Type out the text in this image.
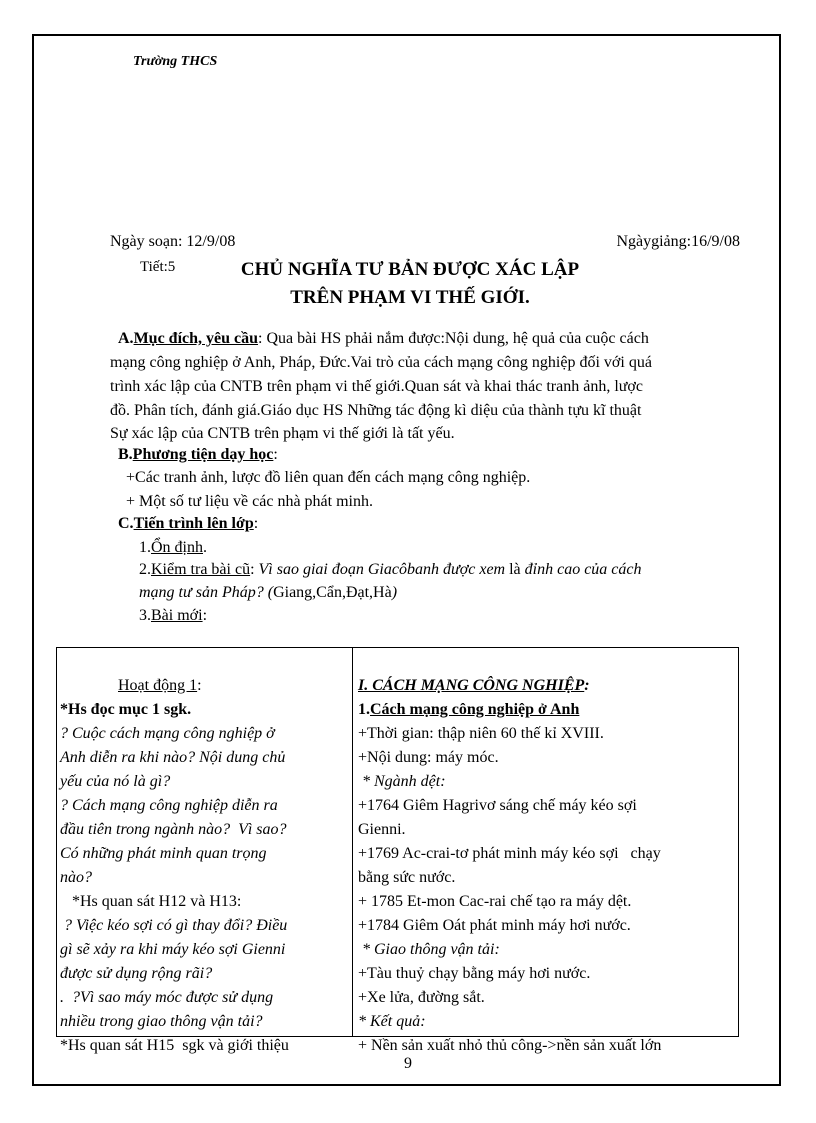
Trường THCS
Ngày soạn: 12/9/08	Ngàygiảng:16/9/08
Tiết:5	CHỦ NGHĨA TƯ BẢN ĐƯỢC XÁC LẬP
TRÊN PHẠM VI THẾ GIỚI.
A.Mục đích, yêu cầu: Qua bài HS phải nắm được:Nội dung, hệ quả của cuộc cách
mạng công nghiệp ở Anh, Pháp, Đức.Vai trò của cách mạng công nghiệp đối với quá
trình xác lập của CNTB trên phạm vi thế giới.Quan sát và khai thác tranh ảnh, lược
đồ. Phân tích, đánh giá.Giáo dục HS Những tác động kì diệu của thành tựu kĩ thuật
Sự xác lập của CNTB trên phạm vi thế giới là tất yếu.
B.Phương tiện dạy học:
+Các tranh ảnh, lược đồ liên quan đến cách mạng công nghiệp.
+ Một số tư liệu về các nhà phát minh.
C.Tiến trình lên lớp:
1.Ổn định.
2.Kiểm tra bài cũ: Vì sao giai đoạn Giacôbanh được xem là đỉnh cao của cách
mạng tư sản Pháp? (Giang,Cẩn,Đạt,Hà)
3.Bài mới:
Hoạt động 1:
*Hs đọc mục 1 sgk.
? Cuộc cách mạng công nghiệp ở
Anh diễn ra khi nào? Nội dung chủ
yếu của nó là gì?
? Cách mạng công nghiệp diễn ra
đầu tiên trong ngành nào?  Vì sao?
Có những phát minh quan trọng
nào?
*Hs quan sát H12 và H13:
? Việc kéo sợi có gì thay đổi? Điều
gì sẽ xảy ra khi máy kéo sợi Gienni
được sử dụng rộng rãi?
.  ?Vì sao máy móc được sử dụng
nhiều trong giao thông vận tải?
*Hs quan sát H15  sgk và giới thiệu
I. CÁCH MẠNG CÔNG NGHIỆP:
1.Cách mạng công nghiệp ở Anh
+Thời gian: thập niên 60 thế kỉ XVIII.
+Nội dung: máy móc.
* Ngành dệt:
+1764 Giêm Hagrivơ sáng chế máy kéo sợi
Gienni.
+1769 Ac-crai-tơ phát minh máy kéo sợi   chạy
bằng sức nước.
+ 1785 Et-mon Cac-rai chế tạo ra máy dệt.
+1784 Giêm Oát phát minh máy hơi nước.
* Giao thông vận tải:
+Tàu thuỷ chạy bằng máy hơi nước.
+Xe lửa, đường sắt.
* Kết quả:
+ Nền sản xuất nhỏ thủ công->nền sản xuất lớn
9
